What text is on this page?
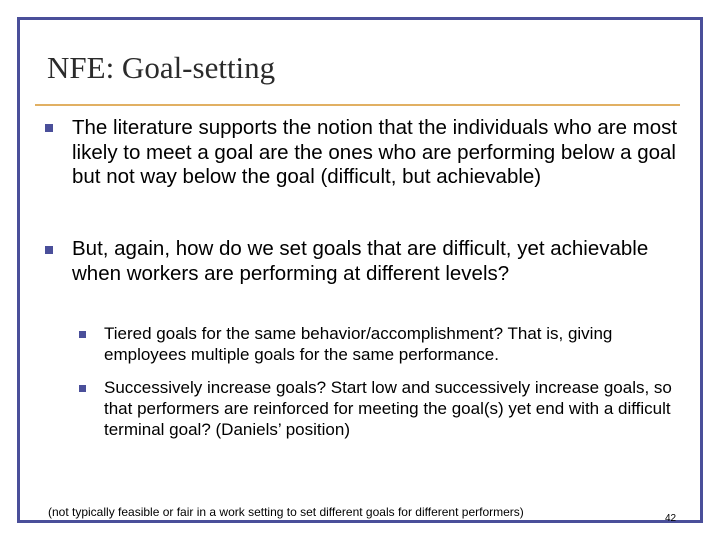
NFE: Goal-setting
The literature supports the notion that the individuals who are most likely to meet a goal are the ones who are performing below a goal but not way below the goal (difficult, but achievable)
But, again, how do we set goals that are difficult, yet achievable when workers are performing at different levels?
Tiered goals for the same behavior/accomplishment? That is, giving employees multiple goals for the same performance.
Successively increase goals? Start low and successively increase goals, so that performers are reinforced for meeting the goal(s) yet end with a difficult terminal goal? (Daniels’ position)
(not typically feasible or fair in a work setting to set different goals for different performers)	42
